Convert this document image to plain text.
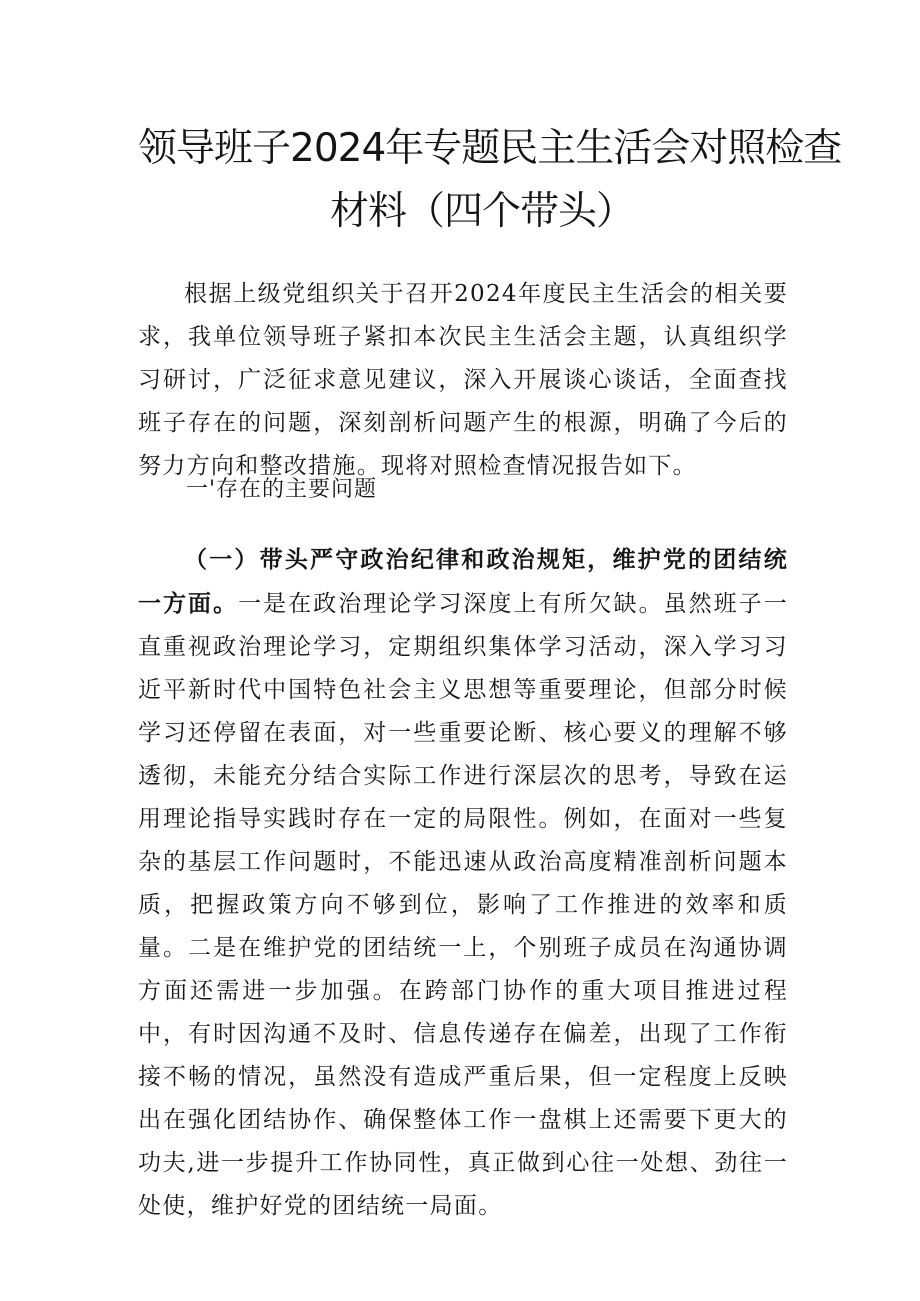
领导班子2024年专题民主生活会对照检查
材料（四个带头）

根据上级党组织关于召开2024年度民主生活会的相关要求，我单位领导班子紧扣本次民主生活会主题，认真组织学习研讨，广泛征求意见建议，深入开展谈心谈话，全面查找班子存在的问题，深刻剖析问题产生的根源，明确了今后的努力方向和整改措施。现将对照检查情况报告如下。

一'存在的主要问题

（一）带头严守政治纪律和政治规矩，维护党的团结统一方面。一是在政治理论学习深度上有所欠缺。虽然班子一直重视政治理论学习，定期组织集体学习活动，深入学习习近平新时代中国特色社会主义思想等重要理论，但部分时候学习还停留在表面，对一些重要论断、核心要义的理解不够透彻，未能充分结合实际工作进行深层次的思考，导致在运用理论指导实践时存在一定的局限性。例如，在面对一些复杂的基层工作问题时，不能迅速从政治高度精准剖析问题本质，把握政策方向不够到位，影响了工作推进的效率和质量。二是在维护党的团结统一上，个别班子成员在沟通协调方面还需进一步加强。在跨部门协作的重大项目推进过程中，有时因沟通不及时、信息传递存在偏差，出现了工作衔接不畅的情况，虽然没有造成严重后果，但一定程度上反映出在强化团结协作、确保整体工作一盘棋上还需要下更大的功夫,进一步提升工作协同性，真正做到心往一处想、劲往一处使，维护好党的团结统一局面。
